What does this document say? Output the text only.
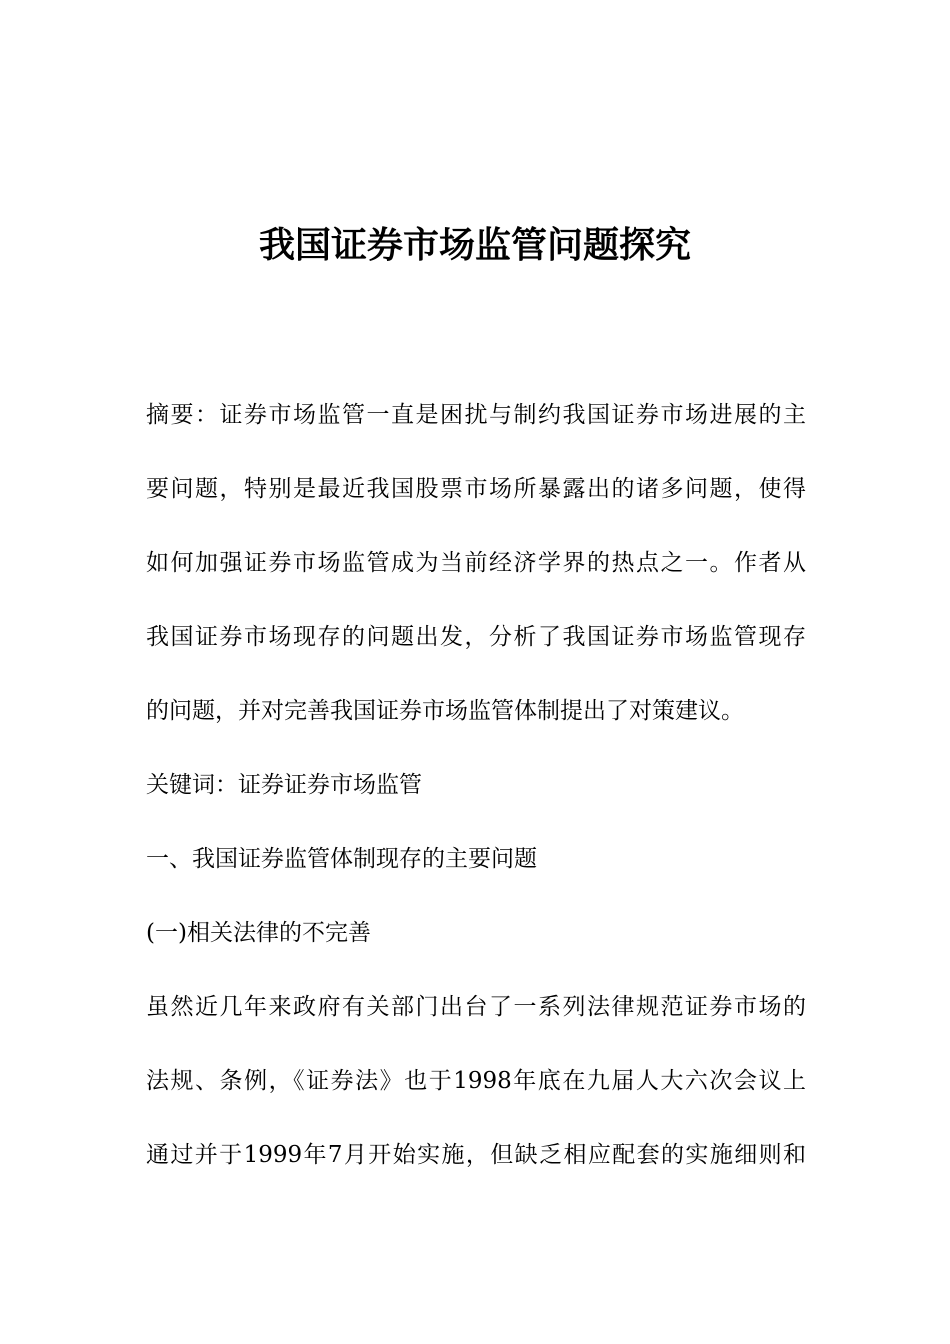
我国证券市场监管问题探究
摘要：证券市场监管一直是困扰与制约我国证券市场进展的主
要问题，特别是最近我国股票市场所暴露出的诸多问题，使得
如何加强证券市场监管成为当前经济学界的热点之一。作者从
我国证券市场现存的问题出发，分析了我国证券市场监管现存
的问题，并对完善我国证券市场监管体制提出了对策建议。
关键词：证券证券市场监管
一、我国证券监管体制现存的主要问题
(一)相关法律的不完善
虽然近几年来政府有关部门出台了一系列法律规范证券市场的
法规、条例，《证券法》也于1998年底在九届人大六次会议上
通过并于1999年7月开始实施，但缺乏相应配套的实施细则和
